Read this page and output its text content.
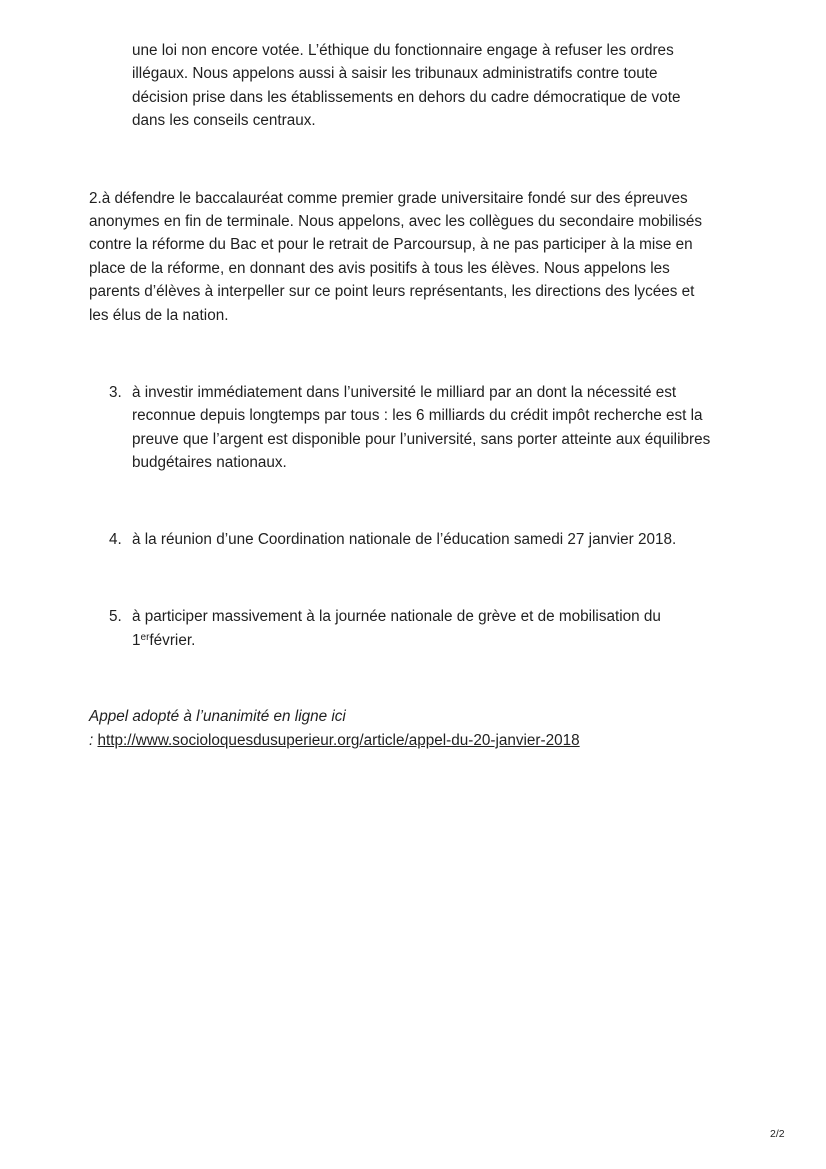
une loi non encore votée. L’éthique du fonctionnaire engage à refuser les ordres
illégaux. Nous appelons aussi à saisir les tribunaux administratifs contre toute
décision prise dans les établissements en dehors du cadre démocratique de vote
dans les conseils centraux.
2.à défendre le baccalauréat comme premier grade universitaire fondé sur des épreuves
anonymes en fin de terminale. Nous appelons, avec les collègues du secondaire mobilisés
contre la réforme du Bac et pour le retrait de Parcoursup, à ne pas participer à la mise en
place de la réforme, en donnant des avis positifs à tous les élèves. Nous appelons les
parents d’élèves à interpeller sur ce point leurs représentants, les directions des lycées et
les élus de la nation.
3. à investir immédiatement dans l’université le milliard par an dont la nécessité est
reconnue depuis longtemps par tous : les 6 milliards du crédit impôt recherche est la
preuve que l’argent est disponible pour l’université, sans porter atteinte aux équilibres
budgétaires nationaux.
4. à la réunion d’une Coordination nationale de l’éducation samedi 27 janvier 2018.
5. à participer massivement à la journée nationale de grève et de mobilisation du
1erfévrier.
Appel adopté à l’unanimité en ligne ici
: http://www.socioloquesdusuperieur.org/article/appel-du-20-janvier-2018
2/2
